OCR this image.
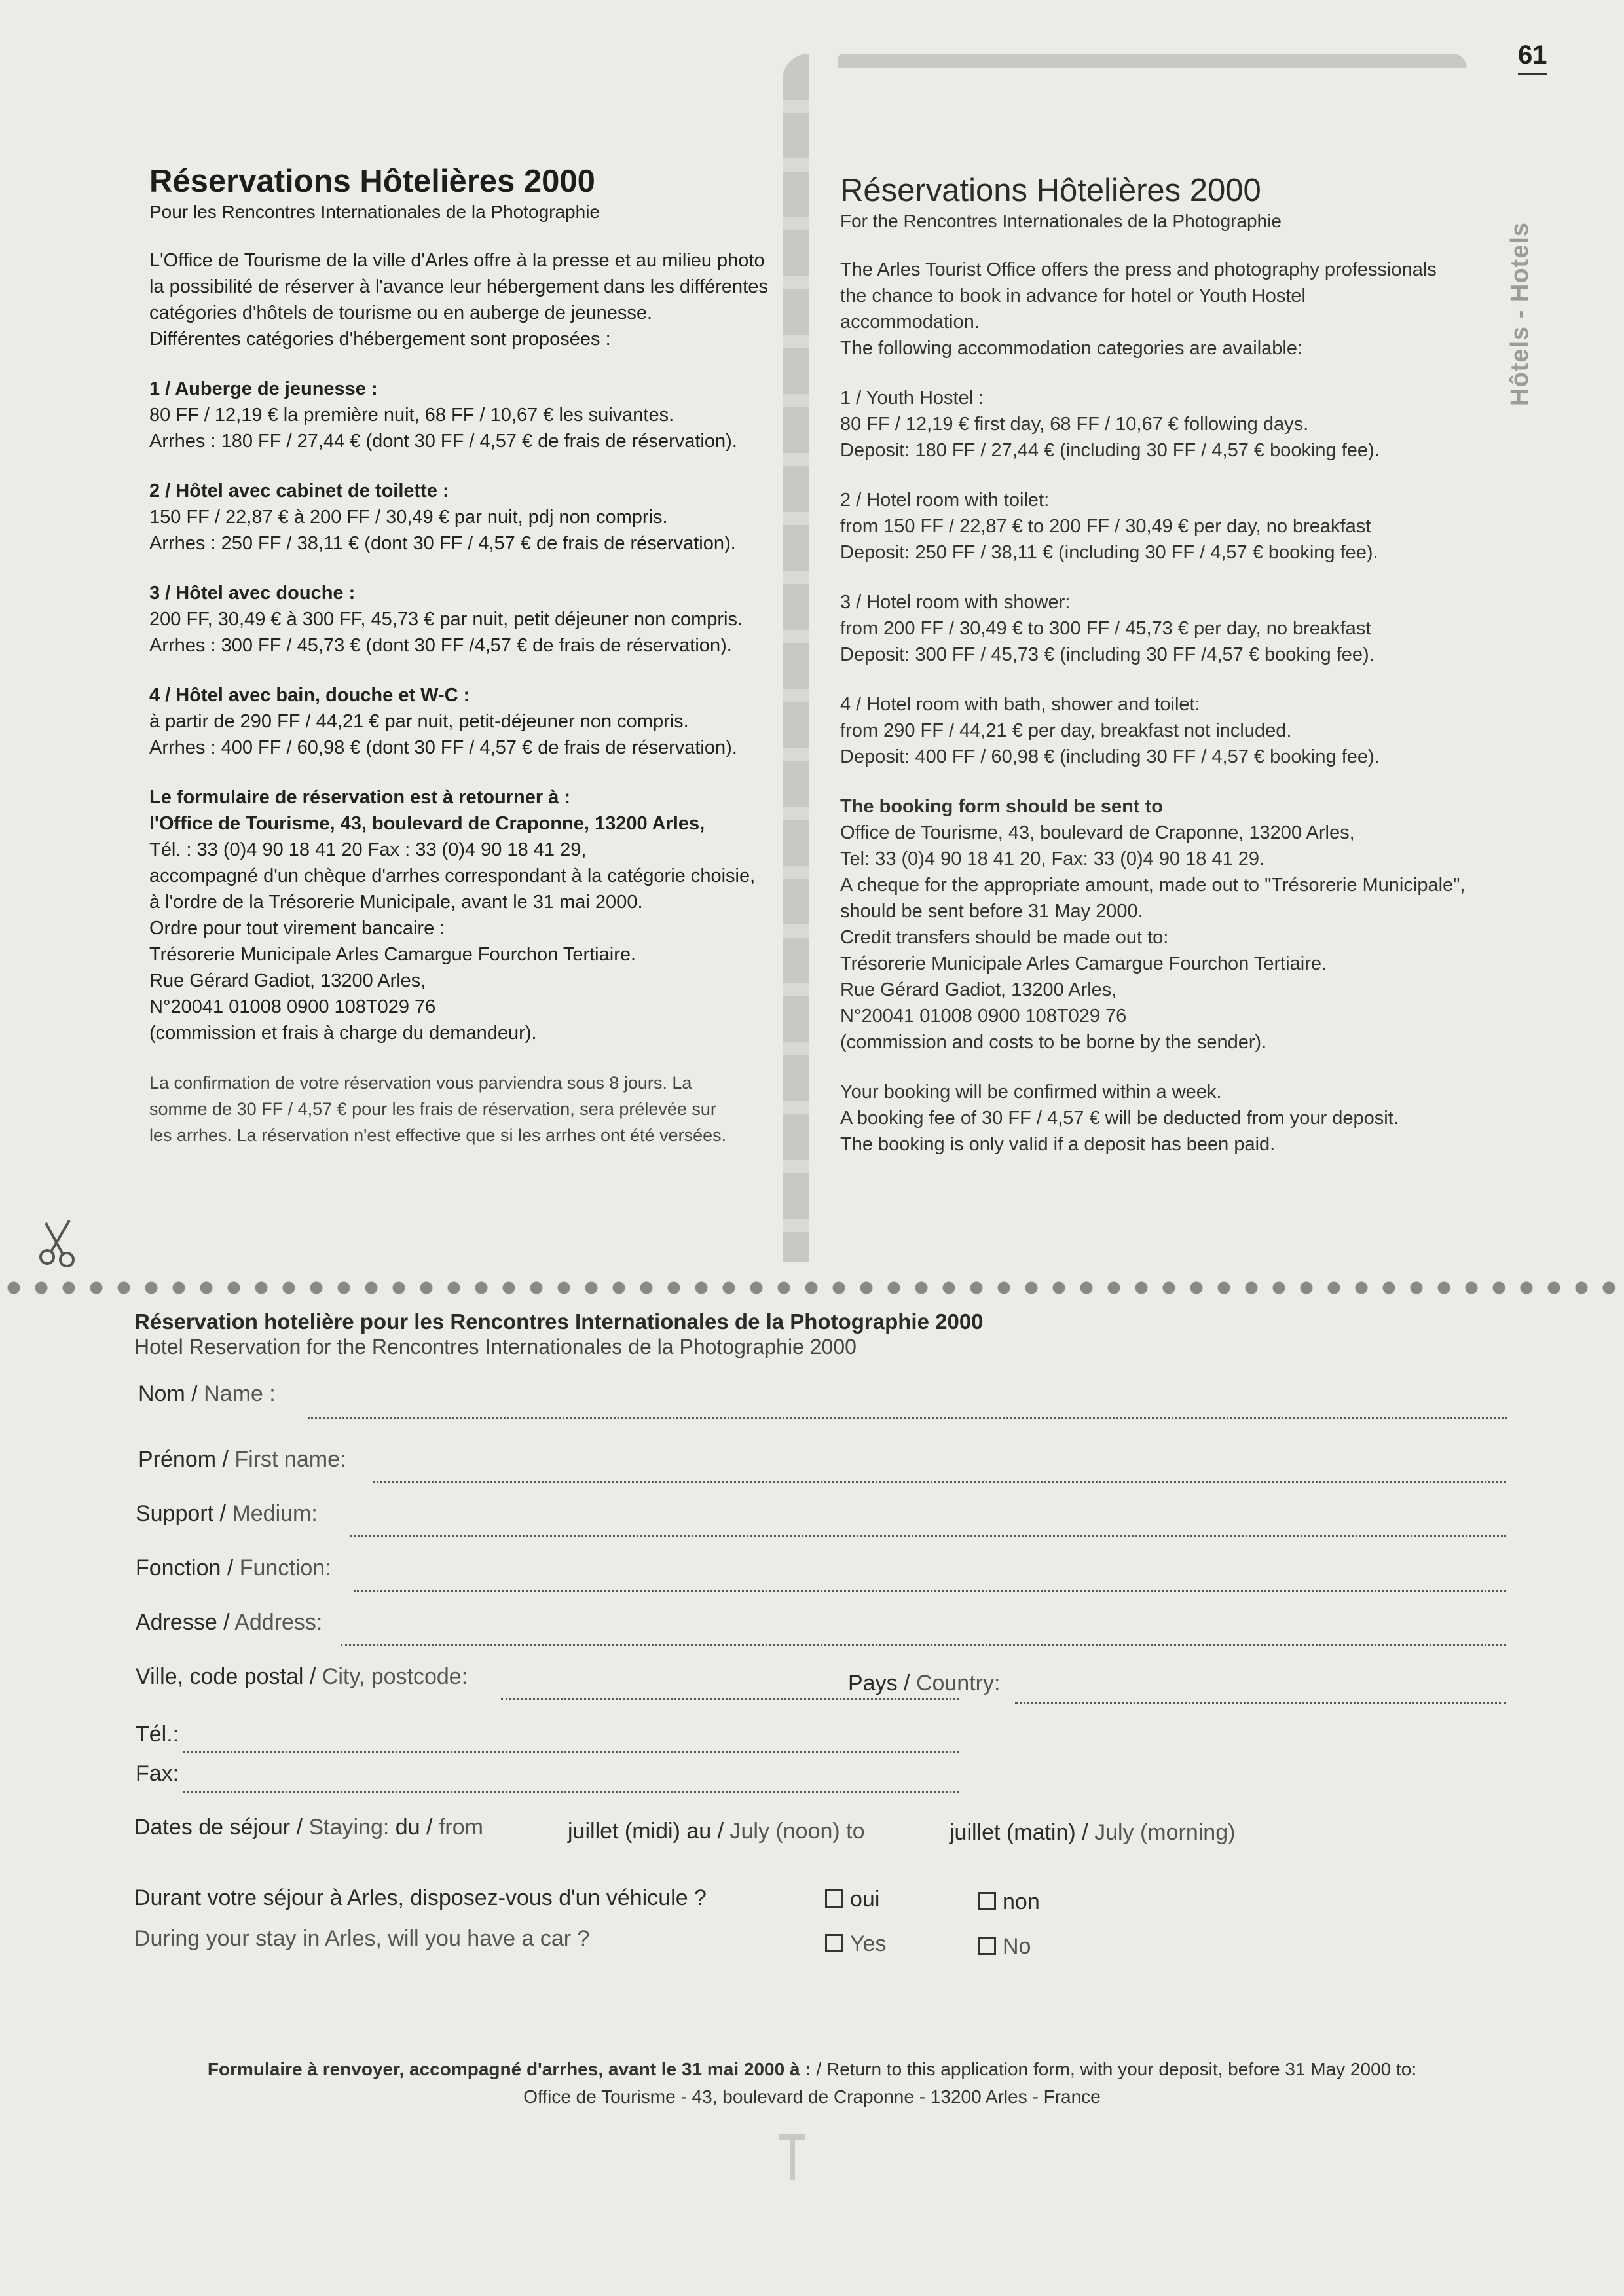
61
Hôtels - Hotels
Réservations Hôtelières 2000
Pour les Rencontres Internationales de la Photographie
L'Office de Tourisme de la ville d'Arles offre à la presse et au milieu photo
la possibilité de réserver à l'avance leur hébergement dans les différentes
catégories d'hôtels de tourisme ou en auberge de jeunesse.
Différentes catégories d'hébergement sont proposées :
1 / Auberge de jeunesse :
80 FF / 12,19 € la première nuit, 68 FF / 10,67 € les suivantes.
Arrhes : 180 FF / 27,44 € (dont 30 FF / 4,57 € de frais de réservation).
2 / Hôtel avec cabinet de toilette :
150 FF / 22,87 € à 200 FF / 30,49 € par nuit, pdj non compris.
Arrhes : 250 FF / 38,11 € (dont 30 FF / 4,57 € de frais de réservation).
3 / Hôtel avec douche :
200 FF, 30,49 € à 300 FF, 45,73 € par nuit, petit déjeuner non compris.
Arrhes : 300 FF / 45,73 € (dont 30 FF /4,57 € de frais de réservation).
4 / Hôtel avec bain, douche et W-C :
à partir de 290 FF / 44,21 € par nuit, petit-déjeuner non compris.
Arrhes : 400 FF / 60,98 € (dont 30 FF / 4,57 € de frais de réservation).
Le formulaire de réservation est à retourner à :
l'Office de Tourisme, 43, boulevard de Craponne, 13200 Arles,
Tél. : 33 (0)4 90 18 41 20 Fax : 33 (0)4 90 18 41 29,
accompagné d'un chèque d'arrhes correspondant à la catégorie choisie,
à l'ordre de la Trésorerie Municipale, avant le 31 mai 2000.
Ordre pour tout virement bancaire :
Trésorerie Municipale Arles Camargue Fourchon Tertiaire.
Rue Gérard Gadiot, 13200 Arles,
N°20041 01008 0900 108T029 76
(commission et frais à charge du demandeur).
La confirmation de votre réservation vous parviendra sous 8 jours. La
somme de 30 FF / 4,57 € pour les frais de réservation, sera prélevée sur
les arrhes. La réservation n'est effective que si les arrhes ont été versées.
Réservations Hôtelières 2000
For the Rencontres Internationales de la Photographie
The Arles Tourist Office offers the press and photography professionals
the chance to book in advance for hotel or Youth Hostel
accommodation.
The following accommodation categories are available:
1 / Youth Hostel :
80 FF / 12,19 € first day, 68 FF / 10,67 € following days.
Deposit: 180 FF / 27,44 € (including 30 FF / 4,57 € booking fee).
2 / Hotel room with toilet:
from 150 FF / 22,87 € to 200 FF / 30,49 € per day, no breakfast
Deposit: 250 FF / 38,11 € (including 30 FF / 4,57 € booking fee).
3 / Hotel room with shower:
from 200 FF / 30,49 € to 300 FF / 45,73 € per day, no breakfast
Deposit: 300 FF / 45,73 € (including 30 FF /4,57 € booking fee).
4 / Hotel room with bath, shower and toilet:
from 290 FF / 44,21 € per day, breakfast not included.
Deposit: 400 FF / 60,98 € (including 30 FF / 4,57 € booking fee).
The booking form should be sent to
Office de Tourisme, 43, boulevard de Craponne, 13200 Arles,
Tel: 33 (0)4 90 18 41 20, Fax: 33 (0)4 90 18 41 29.
A cheque for the appropriate amount, made out to "Trésorerie Municipale",
should be sent before 31 May 2000.
Credit transfers should be made out to:
Trésorerie Municipale Arles Camargue Fourchon Tertiaire.
Rue Gérard Gadiot, 13200 Arles,
N°20041 01008 0900 108T029 76
(commission and costs to be borne by the sender).
Your booking will be confirmed within a week.
A booking fee of 30 FF / 4,57 € will be deducted from your deposit.
The booking is only valid if a deposit has been paid.
Réservation hotelière pour les Rencontres Internationales de la Photographie 2000
Hotel Reservation for the Rencontres Internationales de la Photographie 2000
Nom / Name :
Prénom / First name:
Support / Medium:
Fonction / Function:
Adresse / Address:
Ville, code postal / City, postcode:	Pays / Country:
Tél.:
Fax:
Dates de séjour / Staying: du / from	juillet (midi) au / July (noon) to	juillet (matin) / July (morning)
Durant votre séjour à Arles, disposez-vous d'un véhicule ?
During your stay in Arles, will you have a car ?
oui	non
Yes	No
Formulaire à renvoyer, accompagné d'arrhes, avant le 31 mai 2000 à : / Return to this application form, with your deposit, before 31 May 2000 to:
Office de Tourisme - 43, boulevard de Craponne - 13200 Arles - France
